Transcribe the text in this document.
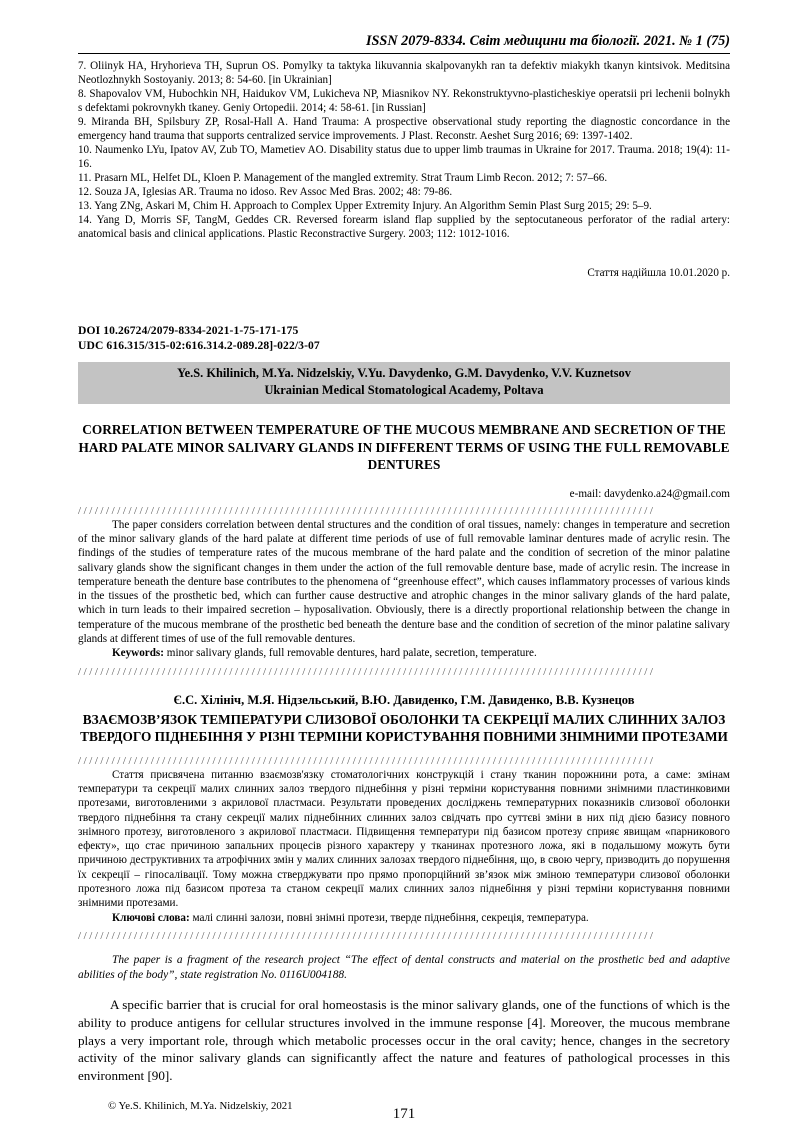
ISSN 2079-8334. Світ медицини та біології. 2021. № 1 (75)

7. Oliinyk HA, Hryhorieva TH, Suprun OS. Pomylky ta taktyka likuvannia skalpovanykh ran ta defektiv miakykh tkanyn kintsivok. Meditsina Neotlozhnykh Sostoyaniy. 2013; 8: 54-60. [in Ukrainian]

8. Shapovalov VM, Hubochkin NH, Haidukov VM, Lukicheva NP, Miasnikov NY. Rekonstruktyvno-plasticheskiye operatsii pri lechenii bolnykh s defektami pokrovnykh tkaney. Geniy Ortopedii. 2014; 4: 58-61. [in Russian]

9. Miranda BH, Spilsbury ZP, Rosal-Hall A. Hand Trauma: A prospective observational study reporting the diagnostic concordance in the emergency hand trauma that supports centralized service improvements. J Plast. Reconstr. Aeshet Surg 2016; 69: 1397-1402.

10. Naumenko LYu, Ipatov AV, Zub TO, Mametiev AO. Disability status due to upper limb traumas in Ukraine for 2017. Trauma. 2018; 19(4): 11-16.

11. Prasarn ML, Helfet DL, Kloen P. Management of the mangled extremity. Strat Traum Limb Recon. 2012; 7: 57–66.

12. Souza JA, Iglesias AR. Trauma no idoso. Rev Assoc Med Bras. 2002; 48: 79-86.

13. Yang ZNg, Askari M, Chim H. Approach to Complex Upper Extremity Injury. An Algorithm Semin Plast Surg 2015; 29: 5–9.

14. Yang D, Morris SF, TangM, Geddes CR. Reversed forearm island flap supplied by the septocutaneous perforator of the radial artery: anatomical basis and clinical applications. Plastic Reconstractive Surgery. 2003; 112: 1012-1016.

Стаття надійшла 10.01.2020 р.
DOI 10.26724/2079-8334-2021-1-75-171-175
UDC 616.315/315-02:616.314.2-089.28]-022/3-07
Ye.S. Khilinich, M.Ya. Nidzelskiy, V.Yu. Davydenko, G.M. Davydenko, V.V. Kuznetsov
Ukrainian Medical Stomatological Academy, Poltava
CORRELATION BETWEEN TEMPERATURE OF THE MUCOUS MEMBRANE AND SECRETION OF THE HARD PALATE MINOR SALIVARY GLANDS IN DIFFERENT TERMS OF USING THE FULL REMOVABLE DENTURES
e-mail: davydenko.a24@gmail.com
///////////////////////////////////////////////////////////////////////////////////////////////////////

The paper considers correlation between dental structures and the condition of oral tissues, namely: changes in temperature and secretion of the minor salivary glands of the hard palate at different time periods of use of full removable laminar dentures made of acrylic resin. The findings of the studies of temperature rates of the mucous membrane of the hard palate and the condition of secretion of the minor palatine salivary glands show the significant changes in them under the action of the full removable denture base, made of acrylic resin. The increase in temperature beneath the denture base contributes to the phenomena of “greenhouse effect”, which causes inflammatory processes of various kinds in the tissues of the prosthetic bed, which can further cause destructive and atrophic changes in the minor salivary glands of the hard palate, which in turn leads to their impaired secretion – hyposalivation. Obviously, there is a directly proportional relationship between the change in temperature of the mucous membrane of the prosthetic bed beneath the denture base and the condition of secretion of the minor palatine salivary glands at different times of use of the full removable dentures.

Keywords: minor salivary glands, full removable dentures, hard palate, secretion, temperature.

///////////////////////////////////////////////////////////////////////////////////////////////////////
Є.С. Хілініч, М.Я. Нідзельський, В.Ю. Давиденко, Г.М. Давиденко, В.В. Кузнецов
ВЗАЄМОЗВ’ЯЗОК ТЕМПЕРАТУРИ СЛИЗОВОЇ ОБОЛОНКИ ТА СЕКРЕЦІЇ МАЛИХ СЛИННИХ ЗАЛОЗ ТВЕРДОГО ПІДНЕБІННЯ У РІЗНІ ТЕРМІНИ КОРИСТУВАННЯ ПОВНИМИ ЗНІМНИМИ ПРОТЕЗАМИ
///////////////////////////////////////////////////////////////////////////////////////////////////////

Стаття присвячена питанню взаємозв'язку стоматологічних конструкцій і стану тканин порожнини рота, а саме: змінам температури та секреції малих слинних залоз твердого піднебіння у різні терміни користування повними знімними пластинковими протезами, виготовленими з акрилової пластмаси. Результати проведених досліджень температурних показників слизової оболонки твердого піднебіння та стану секреції малих піднебінних слинних залоз свідчать про суттєві зміни в них під дією базису повного знімного протезу, виготовленого з акрилової пластмаси. Підвищення температури під базисом протезу сприяє явищам «парникового ефекту», що стає причиною запальних процесів різного характеру у тканинах протезного ложа, які в подальшому можуть бути причиною деструктивних та атрофічних змін у малих слинних залозах твердого піднебіння, що, в свою чергу, призводить до порушення їх секреції – гіпосалівації. Тому можна стверджувати про прямо пропорційний зв’язок між зміною температури слизової оболонки протезного ложа під базисом протеза та станом секреції малих слинних залоз піднебіння у різні терміни користування повними знімними протезами.

Ключові слова: малі слинні залози, повні знімні протези, тверде піднебіння, секреція, температура.

///////////////////////////////////////////////////////////////////////////////////////////////////////

The paper is a fragment of the research project “The effect of dental constructs and material on the prosthetic bed and adaptive abilities of the body”, state registration No. 0116U004188.

A specific barrier that is crucial for oral homeostasis is the minor salivary glands, one of the functions of which is the ability to produce antigens for cellular structures involved in the immune response [4]. Moreover, the mucous membrane plays a very important role, through which metabolic processes occur in the oral cavity; hence, changes in the secretory activity of the minor salivary glands can significantly affect the nature and features of pathological processes in this environment [90].

© Ye.S. Khilinich, M.Ya. Nidzelskiy, 2021	171
